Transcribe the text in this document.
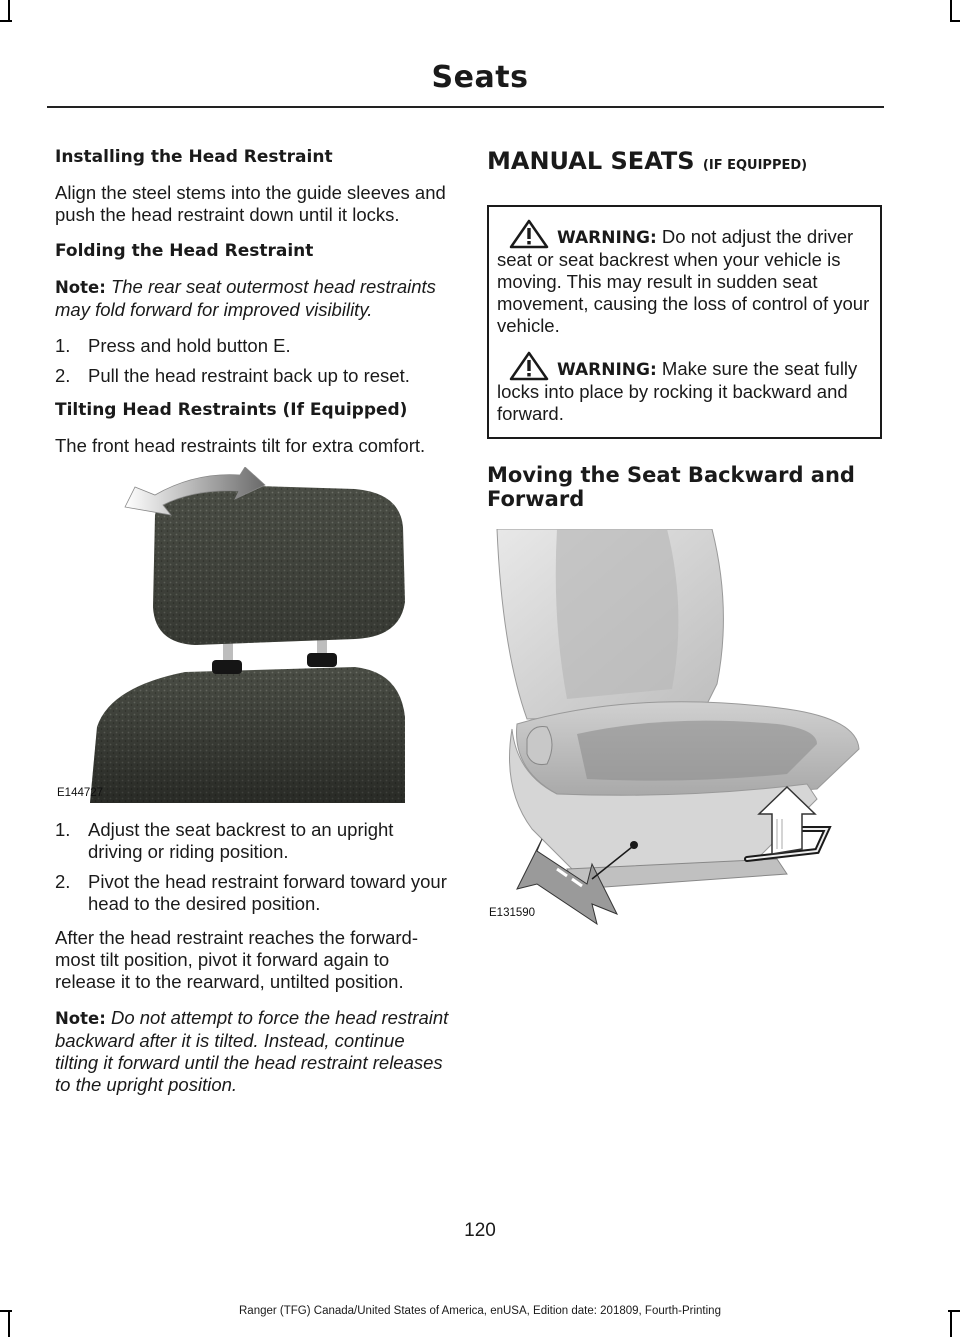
Seats
Installing the Head Restraint

Align the steel stems into the guide sleeves and push the head restraint down until it locks.

Folding the Head Restraint

Note: The rear seat outermost head restraints may fold forward for improved visibility.

1. Press and hold button E.
2. Pull the head restraint back up to reset.
Tilting Head Restraints (If Equipped)

The front head restraints tilt for extra comfort.

E144727
1. Adjust the seat backrest to an upright driving or riding position.
2. Pivot the head restraint forward toward your head to the desired position.

After the head restraint reaches the forward-most tilt position, pivot it forward again to release it to the rearward, untilted position.

Note: Do not attempt to force the head restraint backward after it is tilted. Instead, continue tilting it forward until the head restraint releases to the upright position.

MANUAL SEATS (IF EQUIPPED)
WARNING: Do not adjust the driver seat or seat backrest when your vehicle is moving. This may result in sudden seat movement, causing the loss of control of your vehicle.
WARNING: Make sure the seat fully locks into place by rocking it backward and forward.
Moving the Seat Backward and Forward
E131590
120
Ranger (TFG) Canada/United States of America, enUSA, Edition date: 201809, Fourth-Printing
